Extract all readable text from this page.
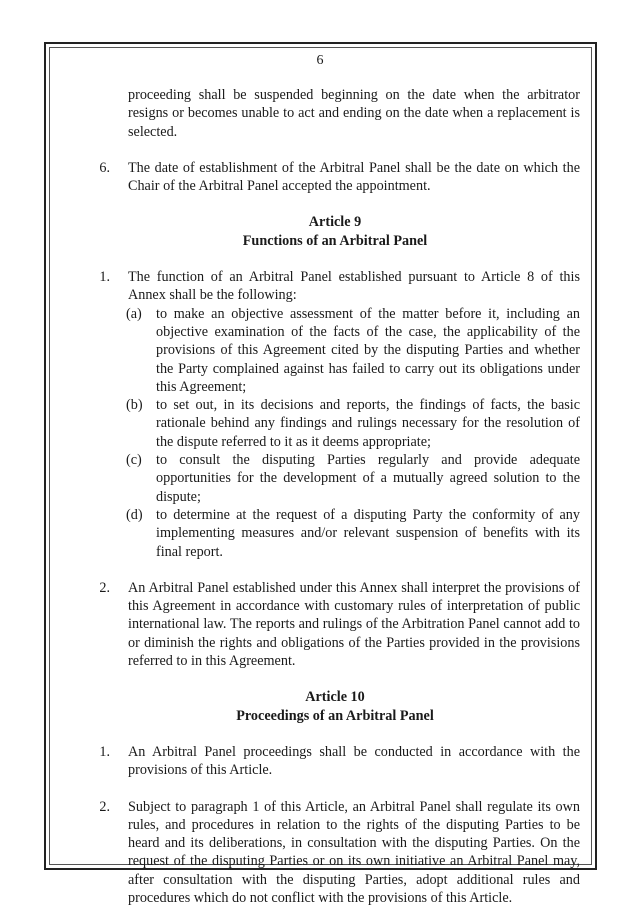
6

proceeding shall be suspended beginning on the date when the arbitrator resigns or becomes unable to act and ending on the date when a replacement is selected.

6. The date of establishment of the Arbitral Panel shall be the date on which the Chair of the Arbitral Panel accepted the appointment.

Article 9

Functions of an Arbitral Panel

1. The function of an Arbitral Panel established pursuant to Article 8 of this Annex shall be the following:

(a) to make an objective assessment of the matter before it, including an objective examination of the facts of the case, the applicability of the provisions of this Agreement cited by the disputing Parties and whether the Party complained against has failed to carry out its obligations under this Agreement;

(b) to set out, in its decisions and reports, the findings of facts, the basic rationale behind any findings and rulings necessary for the resolution of the dispute referred to it as it deems appropriate;

(c) to consult the disputing Parties regularly and provide adequate opportunities for the development of a mutually agreed solution to the dispute;

(d) to determine at the request of a disputing Party the conformity of any implementing measures and/or relevant suspension of benefits with its final report.

2. An Arbitral Panel established under this Annex shall interpret the provisions of this Agreement in accordance with customary rules of interpretation of public international law. The reports and rulings of the Arbitration Panel cannot add to or diminish the rights and obligations of the Parties provided in the provisions referred to in this Agreement.

Article 10

Proceedings of an Arbitral Panel

1. An Arbitral Panel proceedings shall be conducted in accordance with the provisions of this Article.

2. Subject to paragraph 1 of this Article, an Arbitral Panel shall regulate its own rules, and procedures in relation to the rights of the disputing Parties to be heard and its deliberations, in consultation with the disputing Parties. On the request of the disputing Parties or on its own initiative an Arbitral Panel may, after consultation with the disputing Parties, adopt additional rules and procedures which do not conflict with the provisions of this Article.
